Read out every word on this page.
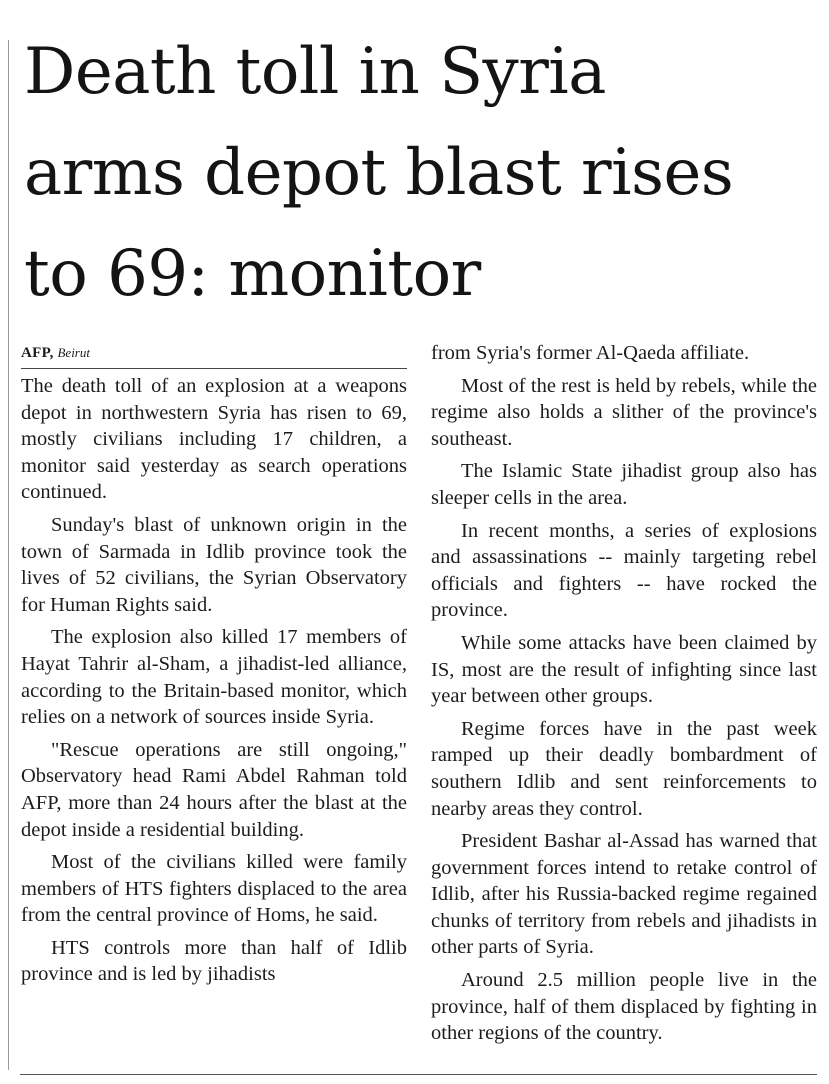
Death toll in Syria
arms depot blast rises
to 69: monitor
AFP, Beirut

The death toll of an explosion at a weapons depot in northwestern Syria has risen to 69, mostly civilians including 17 children, a monitor said yesterday as search operations continued.

Sunday's blast of unknown origin in the town of Sarmada in Idlib province took the lives of 52 civilians, the Syrian Observatory for Human Rights said.

The explosion also killed 17 members of Hayat Tahrir al-Sham, a jihadist-led alliance, according to the Britain-based monitor, which relies on a network of sources inside Syria.

"Rescue operations are still ongoing," Observatory head Rami Abdel Rahman told AFP, more than 24 hours after the blast at the depot inside a residential building.

Most of the civilians killed were family members of HTS fighters displaced to the area from the central province of Homs, he said.

HTS controls more than half of Idlib province and is led by jihadists

from Syria's former Al-Qaeda affiliate.

Most of the rest is held by rebels, while the regime also holds a slither of the province's southeast.

The Islamic State jihadist group also has sleeper cells in the area.

In recent months, a series of explosions and assassinations -- mainly targeting rebel officials and fighters -- have rocked the province.

While some attacks have been claimed by IS, most are the result of infighting since last year between other groups.

Regime forces have in the past week ramped up their deadly bombardment of southern Idlib and sent reinforcements to nearby areas they control.

President Bashar al-Assad has warned that government forces intend to retake control of Idlib, after his Russia-backed regime regained chunks of territory from rebels and jihadists in other parts of Syria.

Around 2.5 million people live in the province, half of them displaced by fighting in other regions of the country.
